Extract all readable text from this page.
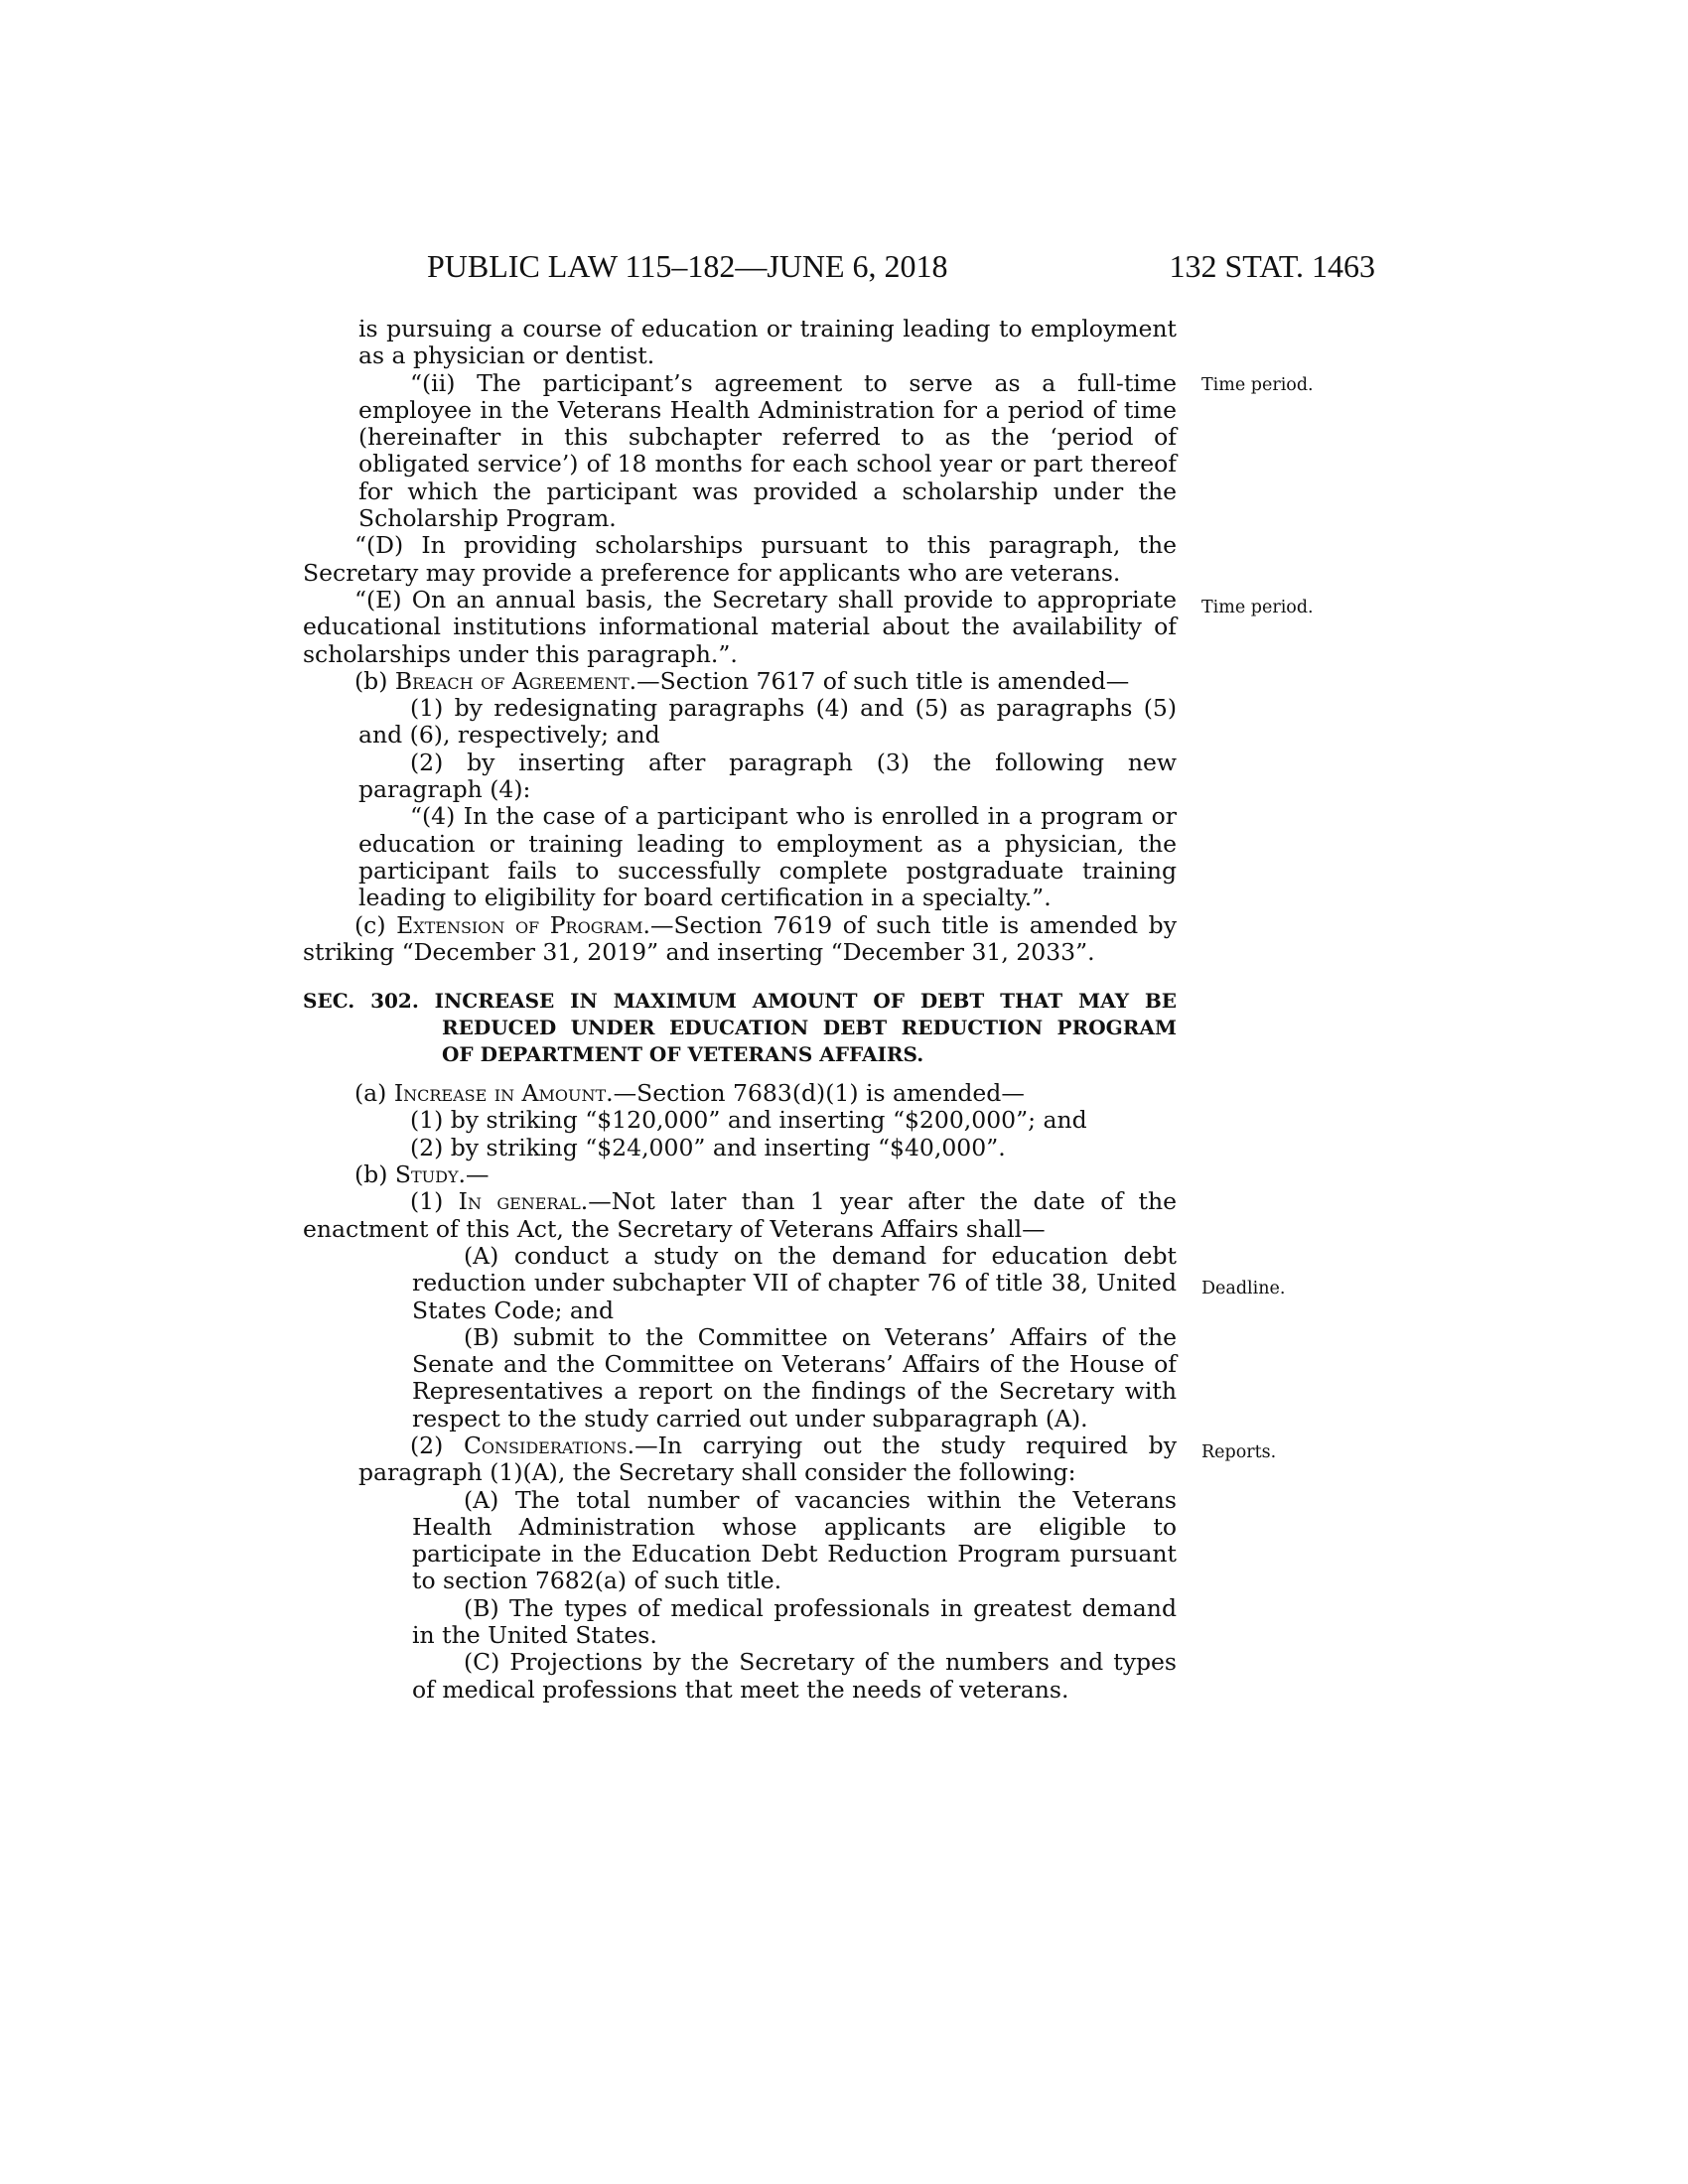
PUBLIC LAW 115–182—JUNE 6, 2018	132 STAT. 1463
Time period.
Time period.
Deadline.
Reports.

is pursuing a course of education or training leading to employment as a physician or dentist.

“(ii) The participant’s agreement to serve as a full-time employee in the Veterans Health Administration for a period of time (hereinafter in this subchapter referred to as the ‘period of obligated service’) of 18 months for each school year or part thereof for which the participant was provided a scholarship under the Scholarship Program.

“(D) In providing scholarships pursuant to this paragraph, the Secretary may provide a preference for applicants who are veterans.

“(E) On an annual basis, the Secretary shall provide to appropriate educational institutions informational material about the availability of scholarships under this paragraph.”.

(b) Breach of Agreement.—Section 7617 of such title is amended—

(1) by redesignating paragraphs (4) and (5) as paragraphs (5) and (6), respectively; and

(2) by inserting after paragraph (3) the following new paragraph (4):

“(4) In the case of a participant who is enrolled in a program or education or training leading to employment as a physician, the participant fails to successfully complete postgraduate training leading to eligibility for board certification in a specialty.”.

(c) Extension of Program.—Section 7619 of such title is amended by striking “December 31, 2019” and inserting “December 31, 2033”.

SEC. 302. INCREASE IN MAXIMUM AMOUNT OF DEBT THAT MAY BE REDUCED UNDER EDUCATION DEBT REDUCTION PROGRAM OF DEPARTMENT OF VETERANS AFFAIRS.

(a) Increase in Amount.—Section 7683(d)(1) is amended—

(1) by striking “$120,000” and inserting “$200,000”; and

(2) by striking “$24,000” and inserting “$40,000”.

(b) Study.—

(1) In general.—Not later than 1 year after the date of the enactment of this Act, the Secretary of Veterans Affairs shall—

(A) conduct a study on the demand for education debt reduction under subchapter VII of chapter 76 of title 38, United States Code; and

(B) submit to the Committee on Veterans’ Affairs of the Senate and the Committee on Veterans’ Affairs of the House of Representatives a report on the findings of the Secretary with respect to the study carried out under subparagraph (A).

(2) Considerations.—In carrying out the study required by paragraph (1)(A), the Secretary shall consider the following:

(A) The total number of vacancies within the Veterans Health Administration whose applicants are eligible to participate in the Education Debt Reduction Program pursuant to section 7682(a) of such title.

(B) The types of medical professionals in greatest demand in the United States.

(C) Projections by the Secretary of the numbers and types of medical professions that meet the needs of veterans.
